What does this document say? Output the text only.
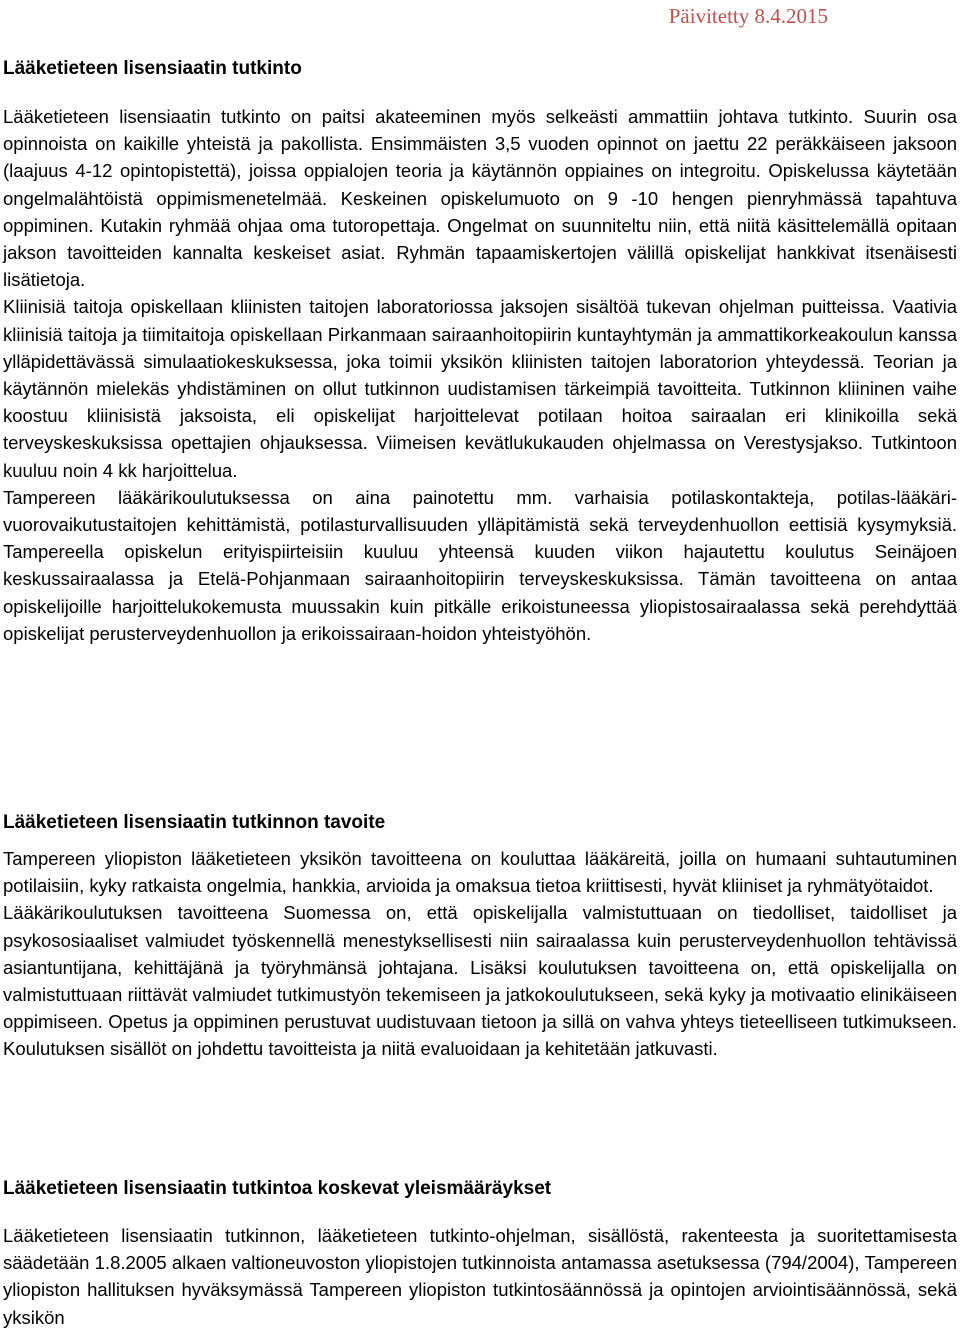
Päivitetty 8.4.2015
Lääketieteen lisensiaatin tutkinto

Lääketieteen lisensiaatin tutkinto on paitsi akateeminen myös selkeästi ammattiin johtava tutkinto. Suurin osa opinnoista on kaikille yhteistä ja pakollista. Ensimmäisten 3,5 vuoden opinnot on jaettu 22 peräkkäiseen jaksoon (laajuus 4-12 opintopistettä), joissa oppialojen teoria ja käytännön oppiaines on integroitu. Opiskelussa käytetään ongelmalähtöistä oppimismenetelmää. Keskeinen opiskelumuoto on 9 -10 hengen pienryhmässä tapahtuva oppiminen. Kutakin ryhmää ohjaa oma tutoropettaja. Ongelmat on suunniteltu niin, että niitä käsittelemällä opitaan jakson tavoitteiden kannalta keskeiset asiat. Ryhmän tapaamiskertojen välillä opiskelijat hankkivat itsenäisesti lisätietoja.

Kliinisiä taitoja opiskellaan kliinisten taitojen laboratoriossa jaksojen sisältöä tukevan ohjelman puitteissa. Vaativia kliinisiä taitoja ja tiimitaitoja opiskellaan Pirkanmaan sairaanhoitopiirin kuntayhtymän ja ammattikorkeakoulun kanssa ylläpidettävässä simulaatiokeskuksessa, joka toimii yksikön kliinisten taitojen laboratorion yhteydessä. Teorian ja käytännön mielekäs yhdistäminen on ollut tutkinnon uudistamisen tärkeimpiä tavoitteita. Tutkinnon kliininen vaihe koostuu kliinisistä jaksoista, eli opiskelijat harjoittelevat potilaan hoitoa sairaalan eri klinikoilla sekä terveyskeskuksissa opettajien ohjauksessa. Viimeisen kevätlukukauden ohjelmassa on Verestysjakso. Tutkintoon kuuluu noin 4 kk harjoittelua.

Tampereen lääkärikoulutuksessa on aina painotettu mm. varhaisia potilaskontakteja, potilas-lääkäri-vuorovaikutustaitojen kehittämistä, potilasturvallisuuden ylläpitämistä sekä terveydenhuollon eettisiä kysymyksiä. Tampereella opiskelun erityispiirteisiin kuuluu yhteensä kuuden viikon hajautettu koulutus Seinäjoen keskussairaalassa ja Etelä-Pohjanmaan sairaanhoitopiirin terveyskeskuksissa. Tämän tavoitteena on antaa opiskelijoille harjoittelukokemusta muussakin kuin pitkälle erikoistuneessa yliopistosairaalassa sekä perehdyttää opiskelijat perusterveydenhuollon ja erikoissairaan-hoidon yhteistyöhön.

Lääketieteen lisensiaatin tutkinnon tavoite

Tampereen yliopiston lääketieteen yksikön tavoitteena on kouluttaa lääkäreitä, joilla on humaani suhtautuminen potilaisiin, kyky ratkaista ongelmia, hankkia, arvioida ja omaksua tietoa kriittisesti, hyvät kliiniset ja ryhmätyötaidot.

Lääkärikoulutuksen tavoitteena Suomessa on, että opiskelijalla valmistuttuaan on tiedolliset, taidolliset ja psykososiaaliset valmiudet työskennellä menestyksellisesti niin sairaalassa kuin perusterveydenhuollon tehtävissä asiantuntijana, kehittäjänä ja työryhmänsä johtajana. Lisäksi koulutuksen tavoitteena on, että opiskelijalla on valmistuttuaan riittävät valmiudet tutkimustyön tekemiseen ja jatkokoulutukseen, sekä kyky ja motivaatio elinikäiseen oppimiseen. Opetus ja oppiminen perustuvat uudistuvaan tietoon ja sillä on vahva yhteys tieteelliseen tutkimukseen. Koulutuksen sisällöt on johdettu tavoitteista ja niitä evaluoidaan ja kehitetään jatkuvasti.

Lääketieteen lisensiaatin tutkintoa koskevat yleismääräykset

Lääketieteen lisensiaatin tutkinnon, lääketieteen tutkinto-ohjelman, sisällöstä, rakenteesta ja suoritettamisesta säädetään 1.8.2005 alkaen valtioneuvoston yliopistojen tutkinnoista antamassa asetuksessa (794/2004), Tampereen yliopiston hallituksen hyväksymässä Tampereen yliopiston tutkintosäännössä ja opintojen arviointisäännössä, sekä yksikön
